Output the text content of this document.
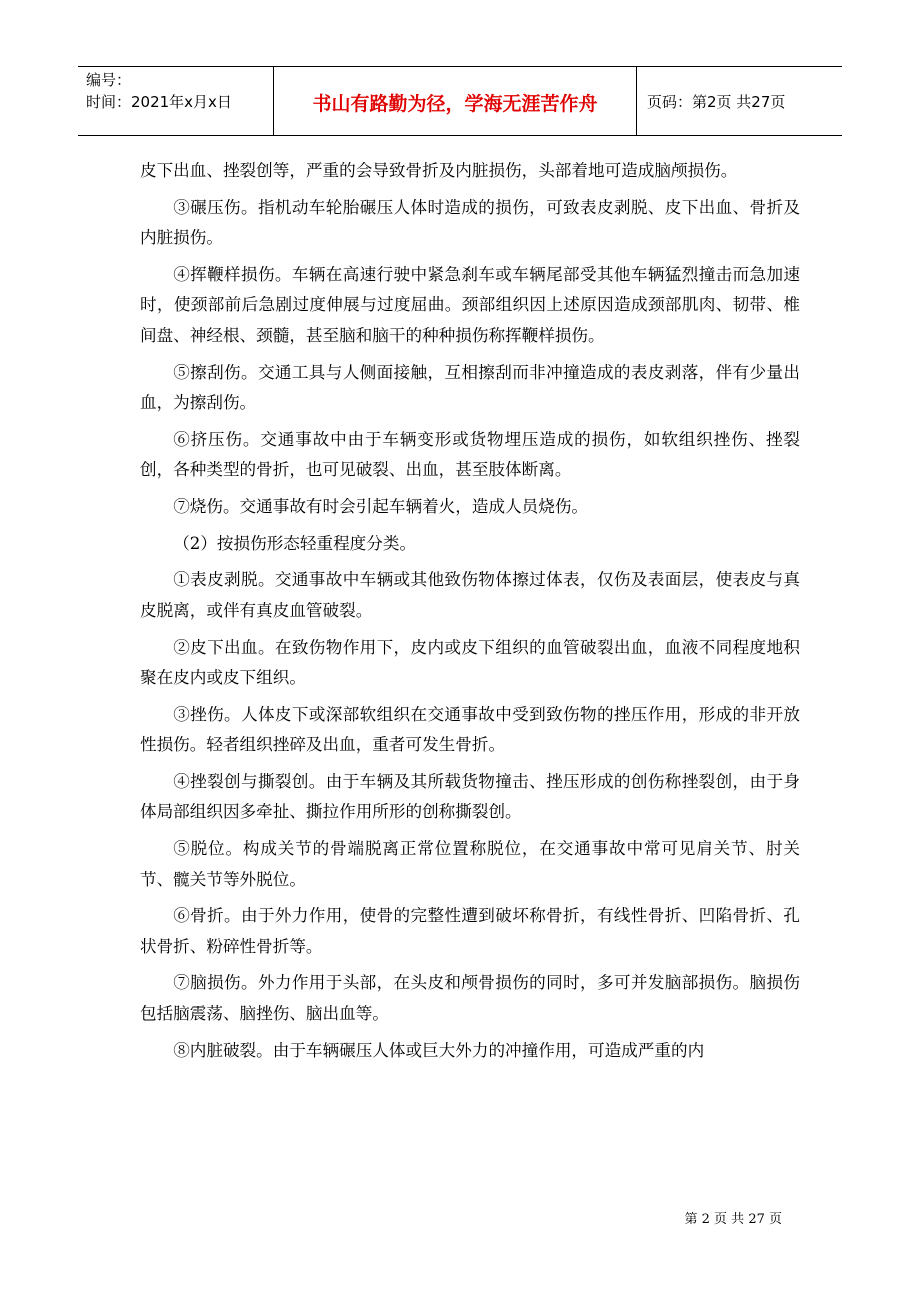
编号：
时间：2021年x月x日	书山有路勤为径，学海无涯苦作舟	页码：第2页 共27页

皮下出血、挫裂创等，严重的会导致骨折及内脏损伤，头部着地可造成脑颅损伤。

③碾压伤。指机动车轮胎碾压人体时造成的损伤，可致表皮剥脱、皮下出血、骨折及内脏损伤。

④挥鞭样损伤。车辆在高速行驶中紧急刹车或车辆尾部受其他车辆猛烈撞击而急加速时，使颈部前后急剧过度伸展与过度屈曲。颈部组织因上述原因造成颈部肌肉、韧带、椎间盘、神经根、颈髓，甚至脑和脑干的种种损伤称挥鞭样损伤。

⑤擦刮伤。交通工具与人侧面接触，互相擦刮而非冲撞造成的表皮剥落，伴有少量出血，为擦刮伤。

⑥挤压伤。交通事故中由于车辆变形或货物埋压造成的损伤，如软组织挫伤、挫裂创，各种类型的骨折，也可见破裂、出血，甚至肢体断离。

⑦烧伤。交通事故有时会引起车辆着火，造成人员烧伤。

（2）按损伤形态轻重程度分类。

①表皮剥脱。交通事故中车辆或其他致伤物体擦过体表，仅伤及表面层，使表皮与真皮脱离，或伴有真皮血管破裂。

②皮下出血。在致伤物作用下，皮内或皮下组织的血管破裂出血，血液不同程度地积聚在皮内或皮下组织。

③挫伤。人体皮下或深部软组织在交通事故中受到致伤物的挫压作用，形成的非开放性损伤。轻者组织挫碎及出血，重者可发生骨折。

④挫裂创与撕裂创。由于车辆及其所载货物撞击、挫压形成的创伤称挫裂创，由于身体局部组织因多牵扯、撕拉作用所形的创称撕裂创。

⑤脱位。构成关节的骨端脱离正常位置称脱位，在交通事故中常可见肩关节、肘关节、髋关节等外脱位。

⑥骨折。由于外力作用，使骨的完整性遭到破坏称骨折，有线性骨折、凹陷骨折、孔状骨折、粉碎性骨折等。

⑦脑损伤。外力作用于头部，在头皮和颅骨损伤的同时，多可并发脑部损伤。脑损伤包括脑震荡、脑挫伤、脑出血等。

⑧内脏破裂。由于车辆碾压人体或巨大外力的冲撞作用，可造成严重的内

第 2 页 共 27 页
